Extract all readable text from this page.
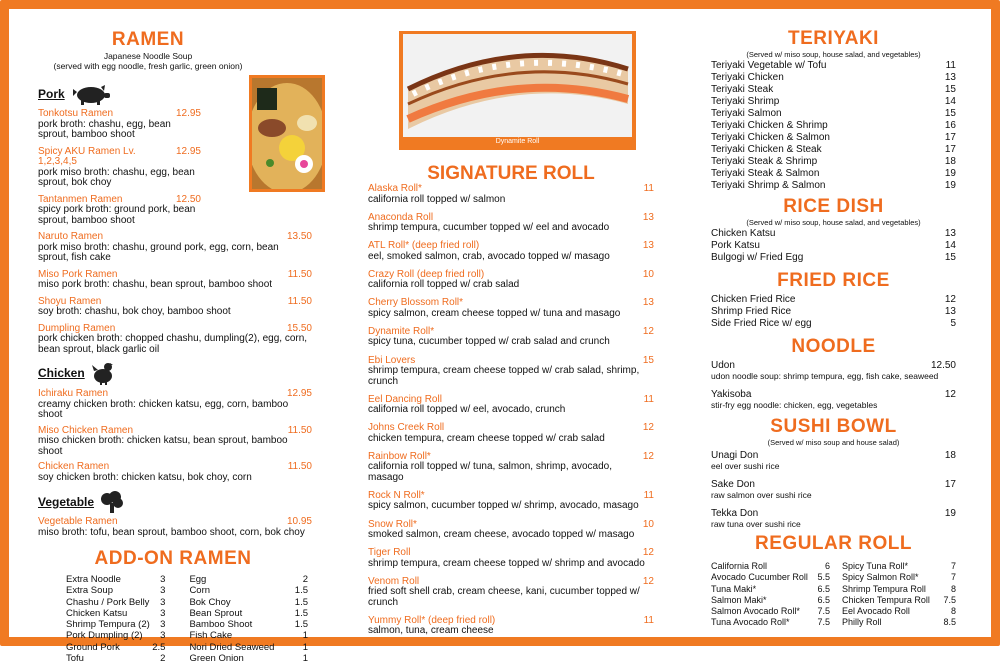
RAMEN
Japanese Noodle Soup
(served with egg noodle, fresh garlic, green onion)
Pork
Tonkotsu Ramen	12.95
pork broth: chashu, egg, bean sprout, bamboo shoot
Spicy AKU Ramen Lv. 1,2,3,4,5
12.95
pork miso broth: chashu, egg, bean sprout, bok choy
Tantanmen Ramen	12.50
spicy pork broth: ground pork, bean sprout, bamboo shoot
Naruto Ramen	13.50
pork miso broth: chashu, ground pork, egg, corn, bean sprout, fish cake
Miso Pork Ramen	11.50
miso pork broth: chashu, bean sprout, bamboo shoot
Shoyu Ramen	11.50
soy broth: chashu, bok choy, bamboo shoot
Dumpling Ramen	15.50
pork chicken broth: chopped chashu, dumpling(2), egg, corn, bean sprout, black garlic oil
Chicken
Ichiraku Ramen	12.95
creamy chicken broth: chicken katsu, egg, corn, bamboo shoot
Miso Chicken Ramen	11.50
miso chicken broth: chicken katsu, bean sprout, bamboo shoot
Chicken Ramen	11.50
soy chicken broth: chicken katsu, bok choy, corn
Vegetable
Vegetable Ramen	10.95
miso broth: tofu, bean sprout, bamboo shoot, corn, bok choy
ADD-ON RAMEN
Extra Noodle	3
Extra Soup	3
Chashu / Pork Belly 3
Chicken Katsu	3
Shrimp Tempura (2) 3
Pork Dumpling (2) 3
Ground Pork	2.5
Tofu	2
Egg	2
Corn	1.5
Bok Choy	1.5
Bean Sprout	1.5
Bamboo Shoot	1.5
Fish Cake	1
Nori Dried Seaweed	1
Green Onion	1
Dynamite Roll
SIGNATURE ROLL
Alaska Roll*	11
california roll topped w/ salmon
Anaconda Roll	13
shrimp tempura, cucumber topped w/ eel and avocado
ATL Roll* (deep fried roll)	13
eel, smoked salmon, crab, avocado topped w/ masago
Crazy Roll (deep fried roll)	10
california roll topped w/ crab salad
Cherry Blossom Roll*	13
spicy salmon, cream cheese topped w/ tuna and masago
Dynamite Roll*	12
spicy tuna, cucumber topped w/ crab salad and crunch
Ebi Lovers	15
shrimp tempura, cream cheese topped w/ crab salad, shrimp, crunch
Eel Dancing Roll	11
california roll topped w/ eel, avocado, crunch
Johns Creek Roll	12
chicken tempura, cream cheese topped w/ crab salad
Rainbow Roll*	12
california roll topped w/ tuna, salmon, shrimp, avocado, masago
Rock N Roll*	11
spicy salmon, cucumber topped w/ shrimp, avocado, masago
Snow Roll*	10
smoked salmon, cream cheese, avocado topped w/ masago
Tiger Roll	12
shrimp tempura, cream cheese topped w/ shrimp and avocado
Venom Roll	12
fried soft shell crab, cream cheese, kani, cucumber topped w/ crunch
Yummy Roll* (deep fried roll)	11
salmon, tuna, cream cheese
TERIYAKI
(Served w/ miso soup, house salad, and vegetables)
Teriyaki Vegetable w/ Tofu	11
Teriyaki Chicken	13
Teriyaki Steak	15
Teriyaki Shrimp	14
Teriyaki Salmon	15
Teriyaki Chicken & Shrimp	16
Teriyaki Chicken & Salmon	17
Teriyaki Chicken & Steak	17
Teriyaki Steak & Shrimp	18
Teriyaki Steak & Salmon	19
Teriyaki Shrimp & Salmon	19
RICE DISH
(Served w/ miso soup, house salad, and vegetables)
Chicken Katsu	13
Pork Katsu	14
Bulgogi w/ Fried Egg	15
FRIED RICE
Chicken Fried Rice	12
Shrimp Fried Rice	13
Side Fried Rice w/ egg	5
NOODLE
Udon	12.50
udon noodle soup: shrimp tempura, egg, fish cake, seaweed
Yakisoba	12
stir-fry egg noodle: chicken, egg, vegetables
SUSHI BOWL
(Served w/ miso soup and house salad)
Unagi Don	18
eel over sushi rice
Sake Don	17
raw salmon over sushi rice
Tekka Don	19
raw tuna over sushi rice
REGULAR ROLL
California Roll	6
Avocado Cucumber Roll 5.5
Tuna Maki*	6.5
Salmon Maki*	6.5
Salmon Avocado Roll* 7.5
Tuna Avocado Roll*	7.5
Spicy Tuna Roll*	7
Spicy Salmon Roll*	7
Shrimp Tempura Roll	8
Chicken Tempura Roll 7.5
Eel Avocado Roll	8
Philly Roll	8.5
